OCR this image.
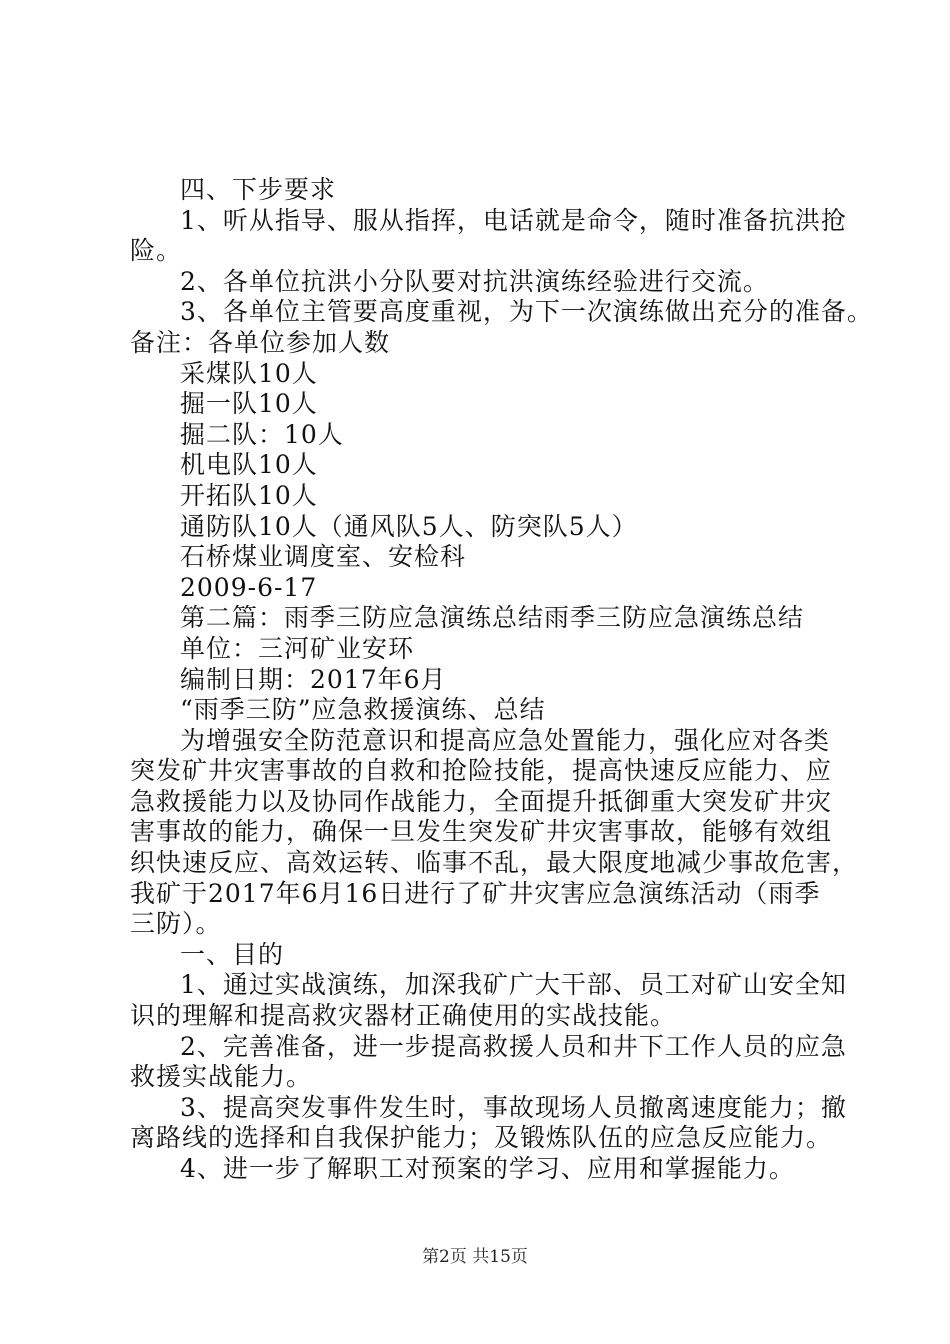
四、下步要求
1、听从指导、服从指挥，电话就是命令，随时准备抗洪抢
险。
2、各单位抗洪小分队要对抗洪演练经验进行交流。
3、各单位主管要高度重视，为下一次演练做出充分的准备。
备注：各单位参加人数
采煤队10人
掘一队10人
掘二队：10人
机电队10人
开拓队10人
通防队10人（通风队5人、防突队5人）
石桥煤业调度室、安检科
2009-6-17
第二篇：雨季三防应急演练总结雨季三防应急演练总结
单位：三河矿业安环
编制日期：2017年6月
“雨季三防”应急救援演练、总结
为增强安全防范意识和提高应急处置能力，强化应对各类
突发矿井灾害事故的自救和抢险技能，提高快速反应能力、应
急救援能力以及协同作战能力，全面提升抵御重大突发矿井灾
害事故的能力，确保一旦发生突发矿井灾害事故，能够有效组
织快速反应、高效运转、临事不乱，最大限度地减少事故危害，
我矿于2017年6月16日进行了矿井灾害应急演练活动（雨季
三防）。
一、目的
1、通过实战演练，加深我矿广大干部、员工对矿山安全知
识的理解和提高救灾器材正确使用的实战技能。
2、完善准备，进一步提高救援人员和井下工作人员的应急
救援实战能力。
3、提高突发事件发生时，事故现场人员撤离速度能力；撤
离路线的选择和自我保护能力；及锻炼队伍的应急反应能力。
4、进一步了解职工对预案的学习、应用和掌握能力。
第2页 共15页
